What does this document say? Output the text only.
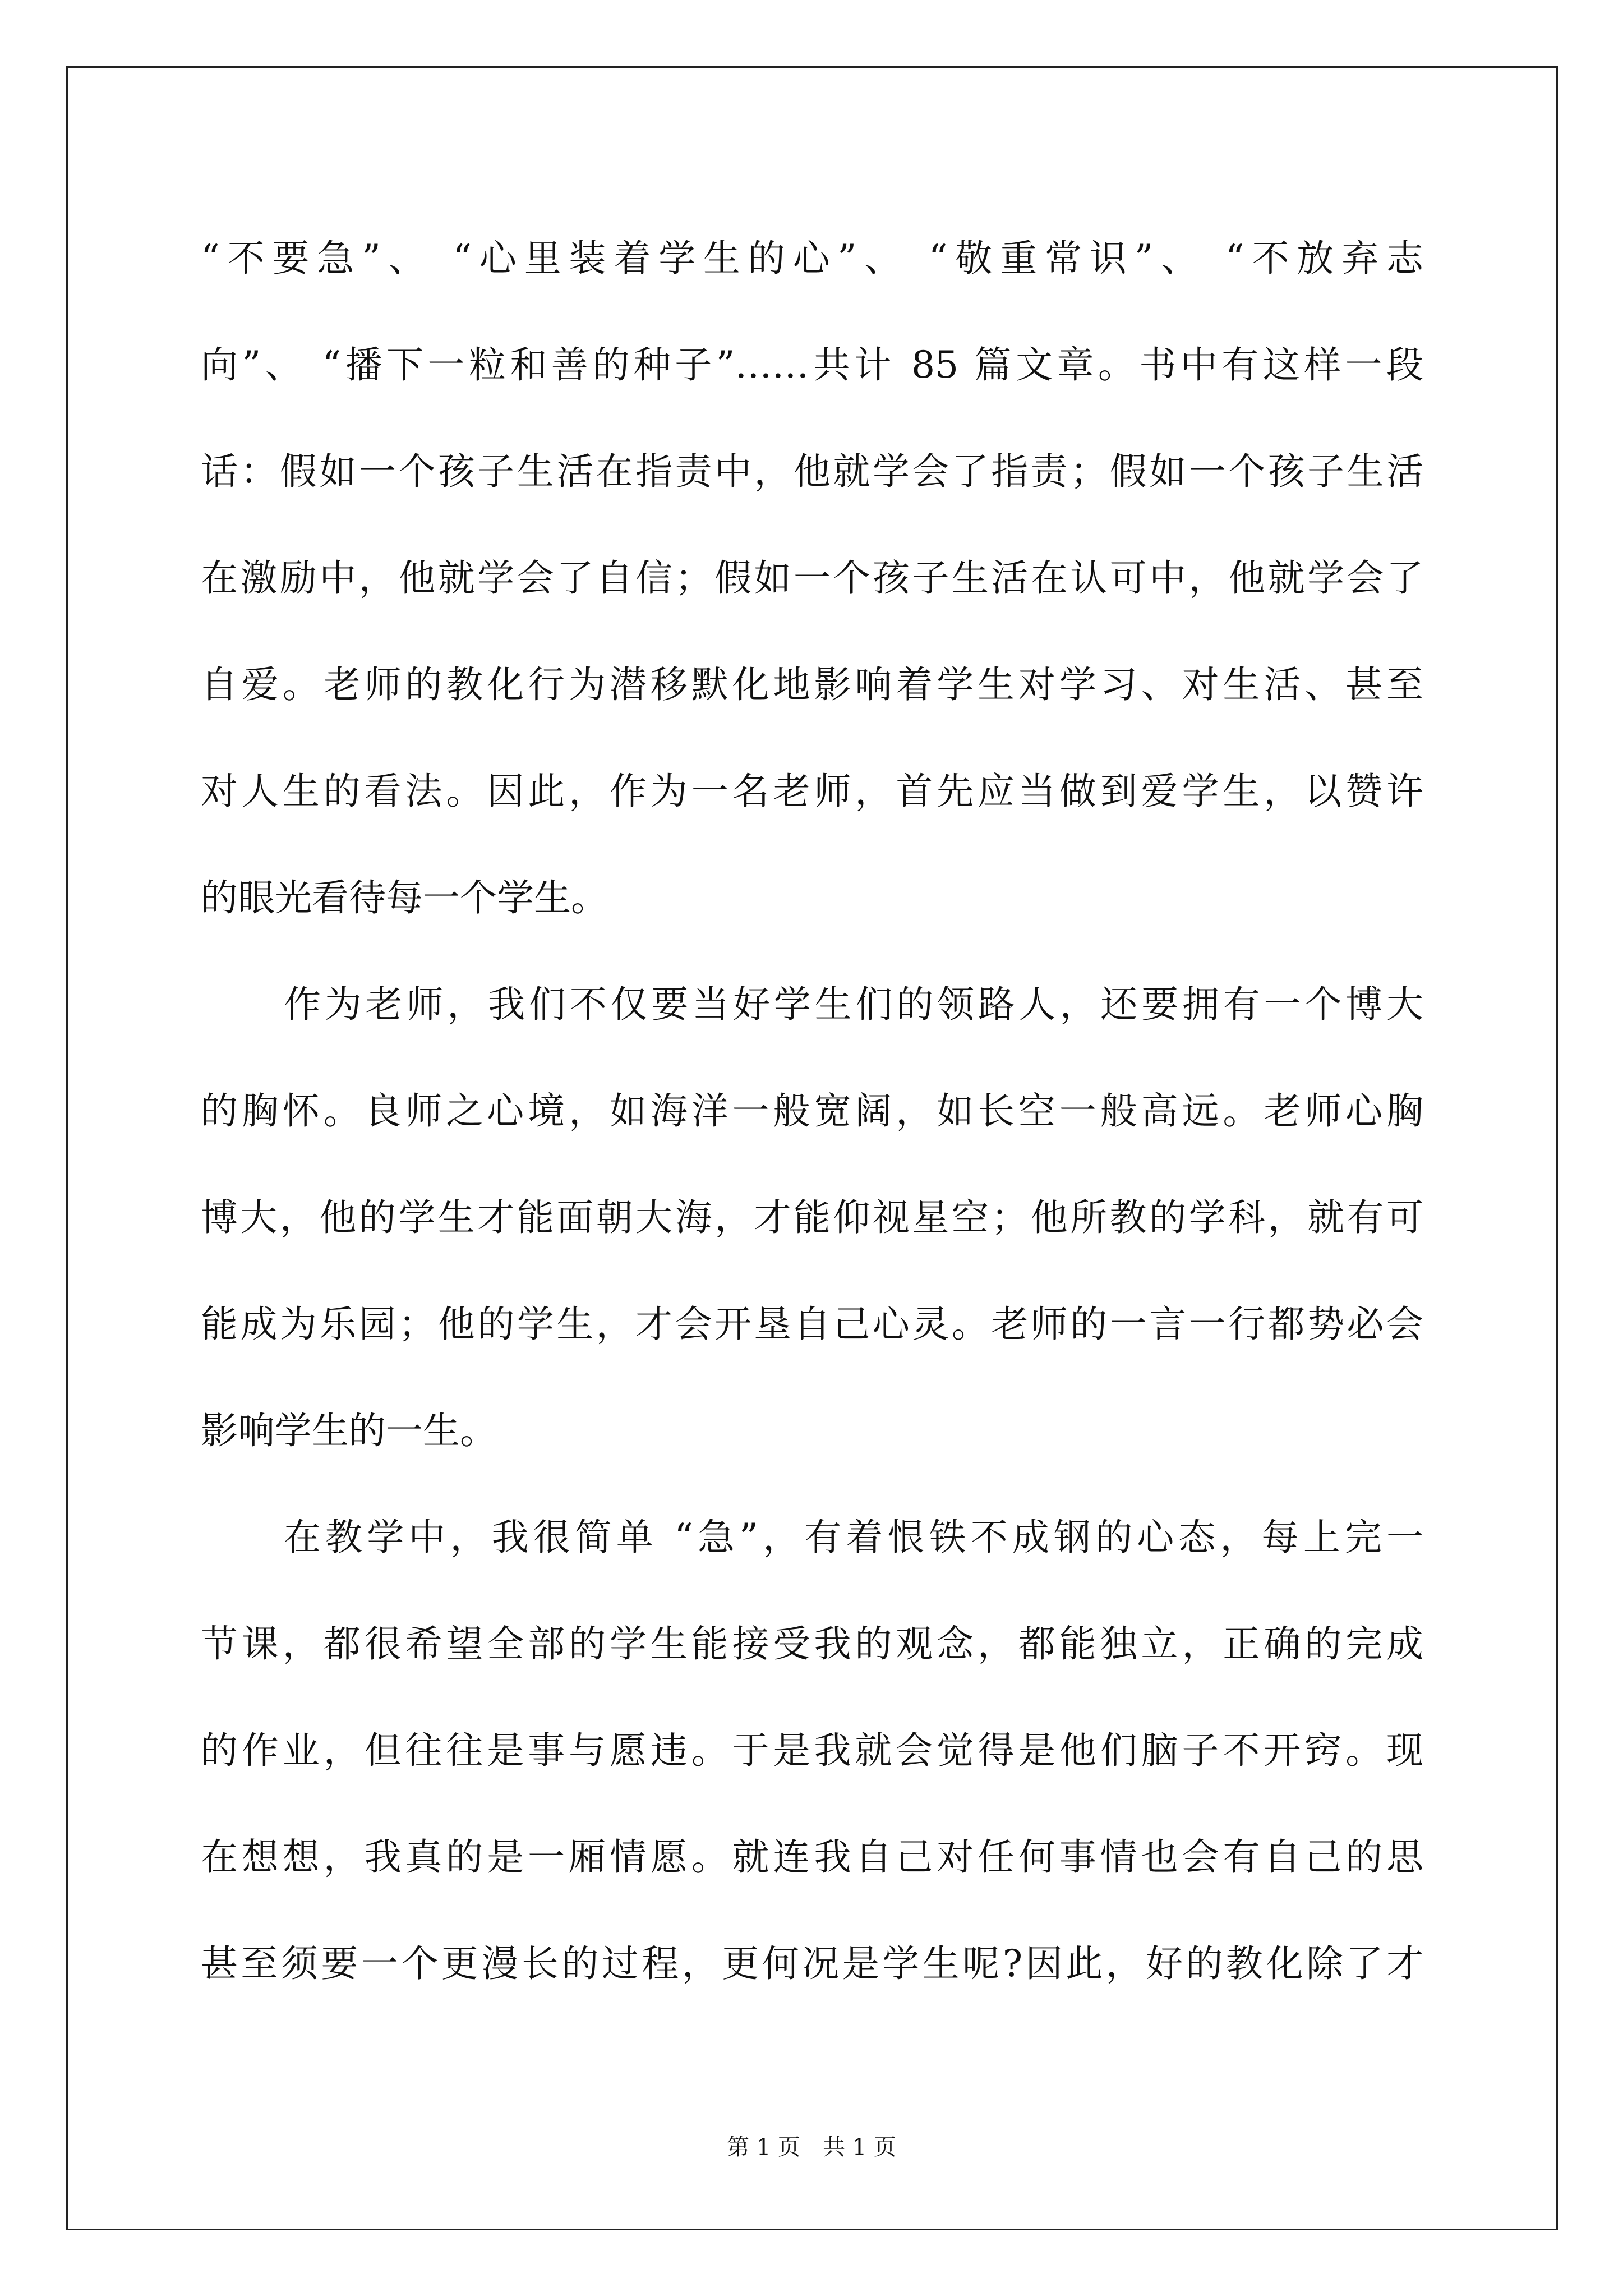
“不要急”、 “心里装着学生的心”、 “敬重常识”、 “不放弃志
向”、 “播下一粒和善的种子”……共计 85 篇文章。书中有这样一段
话：假如一个孩子生活在指责中，他就学会了指责；假如一个孩子生活
在激励中，他就学会了自信；假如一个孩子生活在认可中，他就学会了
自爱。老师的教化行为潜移默化地影响着学生对学习、对生活、甚至
对人生的看法。因此，作为一名老师，首先应当做到爱学生，以赞许
的眼光看待每一个学生。
作为老师，我们不仅要当好学生们的领路人，还要拥有一个博大
的胸怀。良师之心境，如海洋一般宽阔，如长空一般高远。老师心胸
博大，他的学生才能面朝大海，才能仰视星空；他所教的学科，就有可
能成为乐园；他的学生，才会开垦自己心灵。老师的一言一行都势必会
影响学生的一生。
在教学中，我很简单 “急”，有着恨铁不成钢的心态，每上完一
节课，都很希望全部的学生能接受我的观念，都能独立，正确的完成
的作业，但往往是事与愿违。于是我就会觉得是他们脑子不开窍。现
在想想，我真的是一厢情愿。就连我自己对任何事情也会有自己的思
甚至须要一个更漫长的过程，更何况是学生呢?因此，好的教化除了才
第 1 页　共 1 页
